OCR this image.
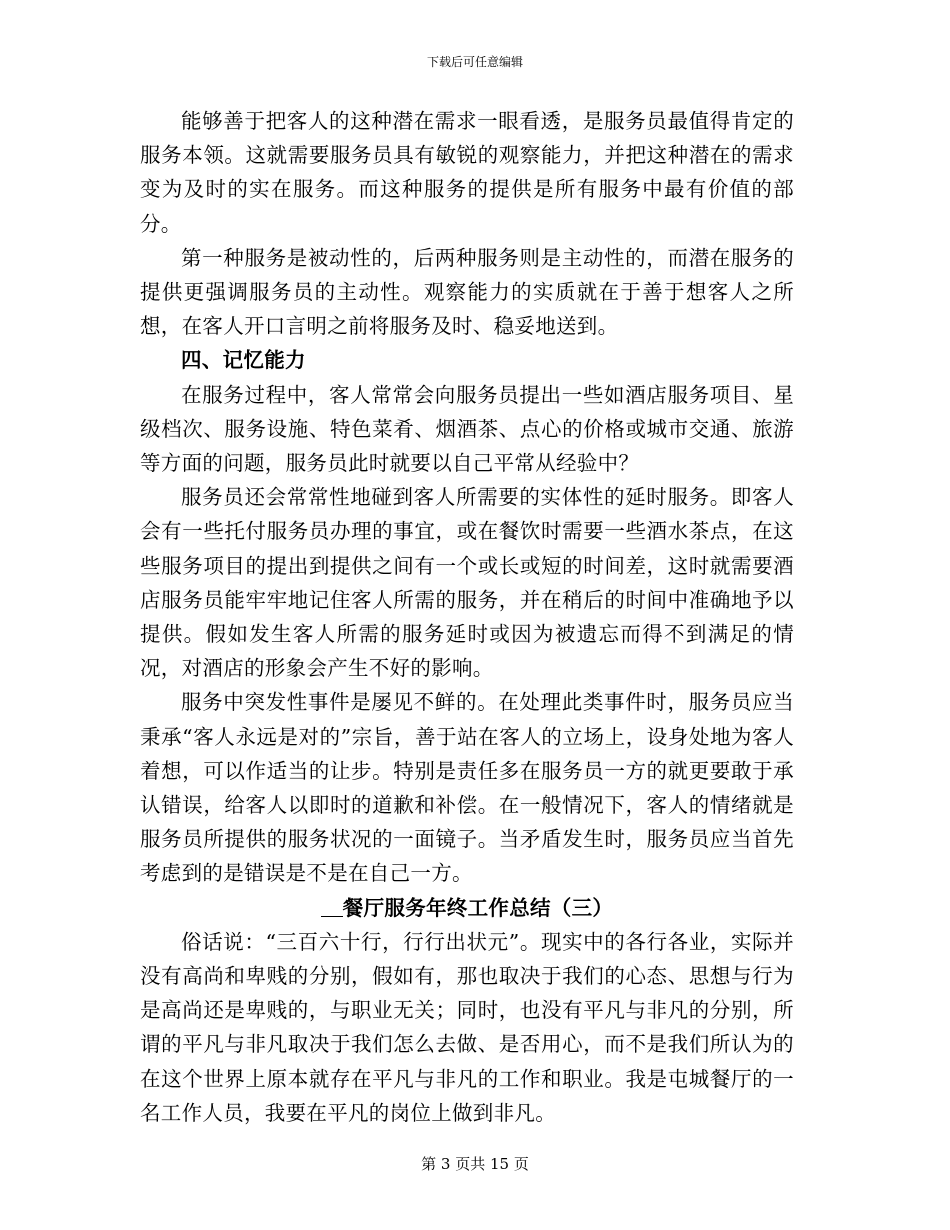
下载后可任意编辑

能够善于把客人的这种潜在需求一眼看透，是服务员最值得肯定的服务本领。这就需要服务员具有敏锐的观察能力，并把这种潜在的需求变为及时的实在服务。而这种服务的提供是所有服务中最有价值的部分。

第一种服务是被动性的，后两种服务则是主动性的，而潜在服务的提供更强调服务员的主动性。观察能力的实质就在于善于想客人之所想，在客人开口言明之前将服务及时、稳妥地送到。

四、记忆能力

在服务过程中，客人常常会向服务员提出一些如酒店服务项目、星级档次、服务设施、特色菜肴、烟酒茶、点心的价格或城市交通、旅游等方面的问题，服务员此时就要以自己平常从经验中？

服务员还会常常性地碰到客人所需要的实体性的延时服务。即客人会有一些托付服务员办理的事宜，或在餐饮时需要一些酒水茶点，在这些服务项目的提出到提供之间有一个或长或短的时间差，这时就需要酒店服务员能牢牢地记住客人所需的服务，并在稍后的时间中准确地予以提供。假如发生客人所需的服务延时或因为被遗忘而得不到满足的情况，对酒店的形象会产生不好的影响。

服务中突发性事件是屡见不鲜的。在处理此类事件时，服务员应当秉承“客人永远是对的”宗旨，善于站在客人的立场上，设身处地为客人着想，可以作适当的让步。特别是责任多在服务员一方的就更要敢于承认错误，给客人以即时的道歉和补偿。在一般情况下，客人的情绪就是服务员所提供的服务状况的一面镜子。当矛盾发生时，服务员应当首先考虑到的是错误是不是在自己一方。

餐厅服务年终工作总结（三）

俗话说：“三百六十行，行行出状元”。现实中的各行各业，实际并没有高尚和卑贱的分别，假如有，那也取决于我们的心态、思想与行为是高尚还是卑贱的，与职业无关；同时，也没有平凡与非凡的分别，所谓的平凡与非凡取决于我们怎么去做、是否用心，而不是我们所认为的在这个世界上原本就存在平凡与非凡的工作和职业。我是屯城餐厅的一名工作人员，我要在平凡的岗位上做到非凡。

第 3 页共 15 页
